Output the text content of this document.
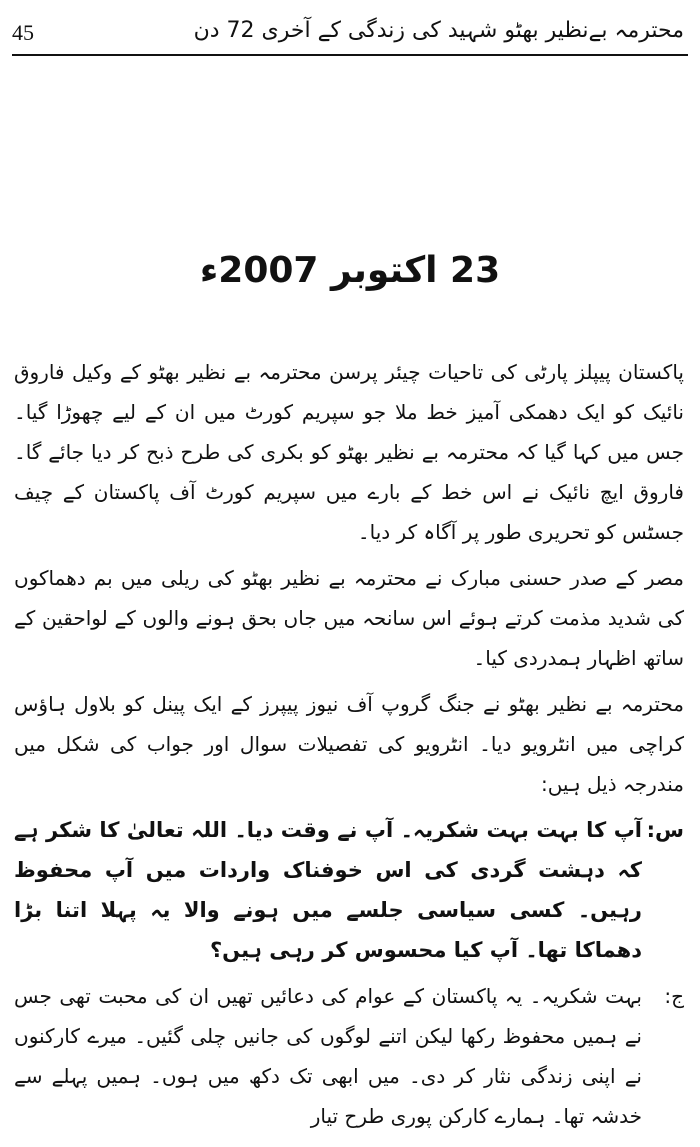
45	محترمہ بےنظیر بھٹو شہید کی زندگی کے آخری 72 دن
23 اکتوبر 2007ء

پاکستان پیپلز پارٹی کی تاحیات چیئر پرسن محترمہ بے نظیر بھٹو کے وکیل فاروق نائیک کو ایک دھمکی آمیز خط ملا جو سپریم کورٹ میں ان کے لیے چھوڑا گیا۔ جس میں کہا گیا کہ محترمہ بے نظیر بھٹو کو بکری کی طرح ذبح کر دیا جائے گا۔ فاروق ایچ نائیک نے اس خط کے بارے میں سپریم کورٹ آف پاکستان کے چیف جسٹس کو تحریری طور پر آگاہ کر دیا۔

مصر کے صدر حسنی مبارک نے محترمہ بے نظیر بھٹو کی ریلی میں بم دھماکوں کی شدید مذمت کرتے ہوئے اس سانحہ میں جاں بحق ہونے والوں کے لواحقین کے ساتھ اظہار ہمدردی کیا۔

محترمہ بے نظیر بھٹو نے جنگ گروپ آف نیوز پیپرز کے ایک پینل کو بلاول ہاؤس کراچی میں انٹرویو دیا۔ انٹرویو کی تفصیلات سوال اور جواب کی شکل میں مندرجہ ذیل ہیں:

س:

آپ کا بہت بہت شکریہ۔ آپ نے وقت دیا۔ اللہ تعالیٰ کا شکر ہے کہ دہشت گردی کی اس خوفناک واردات میں آپ محفوظ رہیں۔ کسی سیاسی جلسے میں ہونے والا یہ پہلا اتنا بڑا دھماکا تھا۔ آپ کیا محسوس کر رہی ہیں؟

ج:

بہت شکریہ۔ یہ پاکستان کے عوام کی دعائیں تھیں ان کی محبت تھی جس نے ہمیں محفوظ رکھا لیکن اتنے لوگوں کی جانیں چلی گئیں۔ میرے کارکنوں نے اپنی زندگی نثار کر دی۔ میں ابھی تک دکھ میں ہوں۔ ہمیں پہلے سے خدشہ تھا۔ ہمارے کارکن پوری طرح تیار
